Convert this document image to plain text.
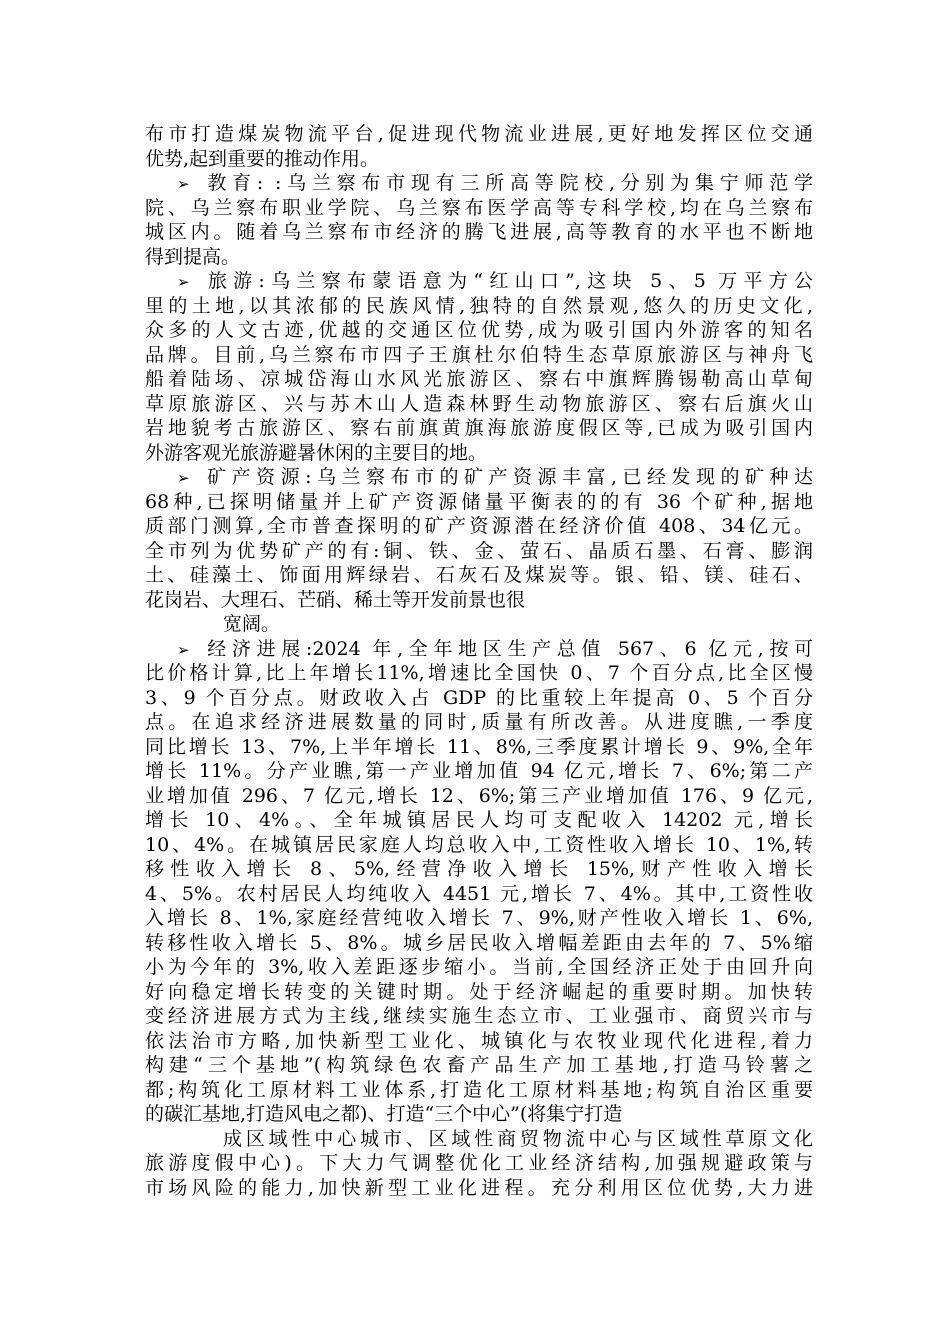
布市打造煤炭物流平台,促进现代物流业进展,更好地发挥区位交通
优势,起到重要的推动作用。
➢ 教育: :乌兰察布市现有三所高等院校,分别为集宁师范学
院、乌兰察布职业学院、乌兰察布医学高等专科学校,均在乌兰察布
城区内。随着乌兰察布市经济的腾飞进展,高等教育的水平也不断地
得到提高。
➢ 旅游:乌兰察布蒙语意为“红山口”,这块 5、5 万平方公
里的土地,以其浓郁的民族风情,独特的自然景观,悠久的历史文化,
众多的人文古迹,优越的交通区位优势,成为吸引国内外游客的知名
品牌。目前,乌兰察布市四子王旗杜尔伯特生态草原旅游区与神舟飞
船着陆场、凉城岱海山水风光旅游区、察右中旗辉腾锡勒高山草甸
草原旅游区、兴与苏木山人造森林野生动物旅游区、察右后旗火山
岩地貌考古旅游区、察右前旗黄旗海旅游度假区等,已成为吸引国内
外游客观光旅游避暑休闲的主要目的地。
➢ 矿产资源:乌兰察布市的矿产资源丰富,已经发现的矿种达
68种,已探明储量并上矿产资源储量平衡表的的有 36 个矿种,据地
质部门测算,全市普查探明的矿产资源潜在经济价值 408、34亿元。
全市列为优势矿产的有:铜、铁、金、萤石、晶质石墨、石膏、膨润
土、硅藻土、饰面用辉绿岩、石灰石及煤炭等。银、铅、镁、硅石、
花岗岩、大理石、芒硝、稀土等开发前景也很
宽阔。
➢ 经济进展:2024 年,全年地区生产总值 567、6 亿元,按可
比价格计算,比上年增长11%,增速比全国快 0、7 个百分点,比全区慢
3、9 个百分点。财政收入占 GDP 的比重较上年提高 0、5 个百分
点。在追求经济进展数量的同时,质量有所改善。从进度瞧,一季度
同比增长 13、7%,上半年增长 11、8%,三季度累计增长 9、9%,全年
增长 11%。分产业瞧,第一产业增加值 94 亿元,增长 7、6%;第二产
业增加值 296、7 亿元,增长 12、6%;第三产业增加值 176、9 亿元,
增长 10、4%。、全年城镇居民人均可支配收入 14202 元,增长
10、4%。在城镇居民家庭人均总收入中,工资性收入增长 10、1%,转
移性收入增长 8、5%,经营净收入增长 15%,财产性收入增长
4、5%。农村居民人均纯收入 4451 元,增长 7、4%。其中,工资性收
入增长 8、1%,家庭经营纯收入增长 7、9%,财产性收入增长 1、6%,
转移性收入增长 5、8%。城乡居民收入增幅差距由去年的 7、5%缩
小为今年的 3%,收入差距逐步缩小。当前,全国经济正处于由回升向
好向稳定增长转变的关键时期。处于经济崛起的重要时期。加快转
变经济进展方式为主线,继续实施生态立市、工业强市、商贸兴市与
依法治市方略,加快新型工业化、城镇化与农牧业现代化进程,着力
构建“三个基地”(构筑绿色农畜产品生产加工基地,打造马铃薯之
都;构筑化工原材料工业体系,打造化工原材料基地;构筑自治区重要
的碳汇基地,打造风电之都)、打造“三个中心”(将集宁打造
成区域性中心城市、区域性商贸物流中心与区域性草原文化
旅游度假中心)。下大力气调整优化工业经济结构,加强规避政策与
市场风险的能力,加快新型工业化进程。充分利用区位优势,大力进
